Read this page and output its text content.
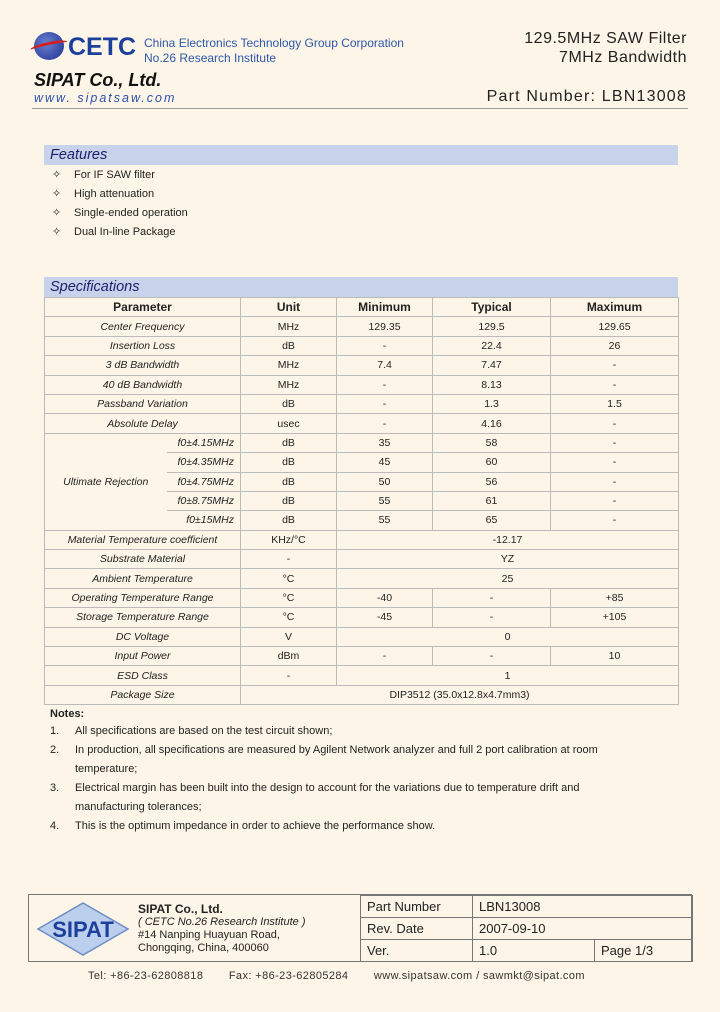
CETC China Electronics Technology Group Corporation
No.26 Research Institute
SIPAT Co., Ltd.
www. sipatsaw.com
129.5MHz SAW Filter
7MHz Bandwidth
Part Number: LBN13008
Features
✧ For IF SAW filter
✧ High attenuation
✧ Single-ended operation
✧ Dual In-line Package
Specifications
Parameter		Unit	Minimum	Typical	Maximum
Center Frequency		MHz	129.35	129.5	129.65
Insertion Loss		dB	-	22.4	26
3 dB Bandwidth		MHz	7.4	7.47	-
40 dB Bandwidth		MHz	-	8.13	-
Passband Variation		dB	-	1.3	1.5
Absolute Delay		usec	-	4.16	-
Ultimate Rejection	f0±4.15MHz	dB	35	58	-
	f0±4.35MHz	dB	45	60	-
	f0±4.75MHz	dB	50	56	-
	f0±8.75MHz	dB	55	61	-
	f0±15MHz	dB	55	65	-
Material Temperature coefficient		KHz/°C	-12.17		
Substrate Material		-	YZ		
Ambient Temperature		°C	25		
Operating Temperature Range		°C	-40	-	+85
Storage Temperature Range		°C	-45	-	+105
DC Voltage		V	0		
Input Power		dBm	-	-	10
ESD Class		-	1		
Package Size		DIP3512 (35.0x12.8x4.7mm3)			
Notes:
1. All specifications are based on the test circuit shown;
2. In production, all specifications are measured by Agilent Network analyzer and full 2 port calibration at room
temperature;
3. Electrical margin has been built into the design to account for the variations due to temperature drift and
manufacturing tolerances;
4. This is the optimum impedance in order to achieve the performance show.
SIPAT
SIPAT Co., Ltd.
( CETC No.26 Research Institute )
#14 Nanping Huayuan Road,
Chongqing, China, 400060
Part Number	LBN13008	
Rev. Date	2007-09-10	
Ver.	1.0	Page 1/3
Tel: +86-23-62808818 Fax: +86-23-62805284 www.sipatsaw.com / sawmkt@sipat.com
